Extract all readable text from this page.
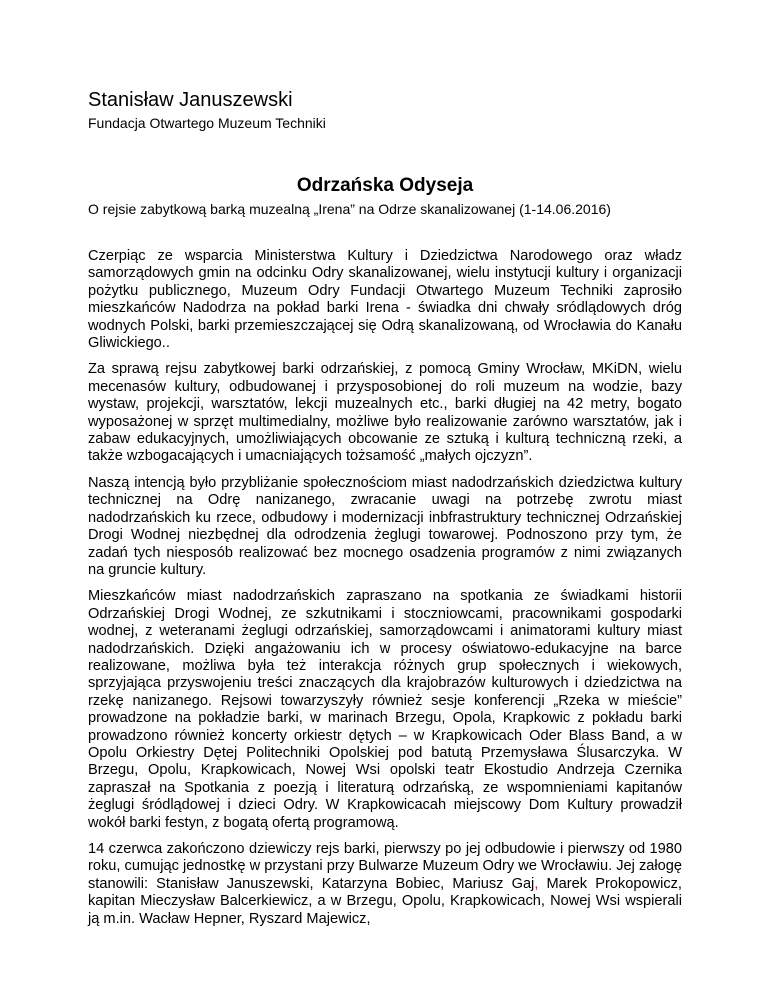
Stanisław Januszewski
Fundacja Otwartego Muzeum Techniki
Odrzańska Odyseja
O rejsie zabytkową barką muzealną „Irena” na Odrze skanalizowanej (1-14.06.2016)

Czerpiąc ze wsparcia Ministerstwa Kultury i Dziedzictwa Narodowego oraz władz samorządowych gmin na odcinku Odry skanalizowanej, wielu instytucji kultury i organizacji pożytku publicznego, Muzeum Odry Fundacji Otwartego Muzeum Techniki zaprosiło mieszkańców Nadodrza na pokład barki Irena - świadka dni chwały sródlądowych dróg wodnych Polski, barki przemieszczającej się Odrą skanalizowaną, od Wrocławia do Kanału Gliwickiego..

Za sprawą rejsu zabytkowej barki odrzańskiej, z pomocą Gminy Wrocław, MKiDN, wielu mecenasów kultury, odbudowanej i przysposobionej do roli muzeum na wodzie, bazy wystaw, projekcji, warsztatów, lekcji muzealnych etc., barki długiej na 42 metry, bogato wyposażonej w sprzęt multimedialny, możliwe było realizowanie zarówno warsztatów, jak i zabaw edukacyjnych, umożliwiających obcowanie ze sztuką i kulturą techniczną rzeki, a także wzbogacających i umacniających tożsamość „małych ojczyzn”.

Naszą intencją było przybliżanie społecznościom miast nadodrzańskich dziedzictwa kultury technicznej na Odrę nanizanego, zwracanie uwagi na potrzebę zwrotu miast nadodrzańskich ku rzece, odbudowy i modernizacji inbfrastruktury technicznej Odrzańskiej Drogi Wodnej niezbędnej dla odrodzenia żeglugi towarowej. Podnoszono przy tym, że zadań tych niesposób realizować bez mocnego osadzenia programów z nimi związanych na gruncie kultury.

Mieszkańców miast nadodrzańskich zapraszano na spotkania ze świadkami historii Odrzańskiej Drogi Wodnej, ze szkutnikami i stoczniowcami, pracownikami gospodarki wodnej, z weteranami żeglugi odrzańskiej, samorządowcami i animatorami kultury miast nadodrzańskich. Dzięki angażowaniu ich w procesy oświatowo-edukacyjne na barce realizowane, możliwa była też interakcja różnych grup społecznych i wiekowych, sprzyjająca przyswojeniu treści znaczących dla krajobrazów kulturowych i dziedzictwa na rzekę nanizanego. Rejsowi towarzyszyły również sesje konferencji „Rzeka w mieście” prowadzone na pokładzie barki, w marinach Brzegu, Opola, Krapkowic z pokładu barki prowadzono również koncerty orkiestr dętych – w Krapkowicach Oder Blass Band, a w Opolu Orkiestry Dętej Politechniki Opolskiej pod batutą Przemysława Ślusarczyka. W Brzegu, Opolu, Krapkowicach, Nowej Wsi opolski teatr Ekostudio Andrzeja Czernika zapraszał na Spotkania z poezją i literaturą odrzańską, ze wspomnieniami kapitanów żeglugi śródlądowej i dzieci Odry. W Krapkowicacah miejscowy Dom Kultury prowadził wokół barki festyn, z bogatą ofertą programową.

14 czerwca zakończono dziewiczy rejs barki, pierwszy po jej odbudowie i pierwszy od 1980 roku, cumując jednostkę w przystani przy Bulwarze Muzeum Odry we Wrocławiu. Jej załogę stanowili: Stanisław Januszewski, Katarzyna Bobiec, Mariusz Gaj, Marek Prokopowicz, kapitan Mieczysław Balcerkiewicz, a w Brzegu, Opolu, Krapkowicach, Nowej Wsi wspierali ją m.in. Wacław Hepner, Ryszard Majewicz,
